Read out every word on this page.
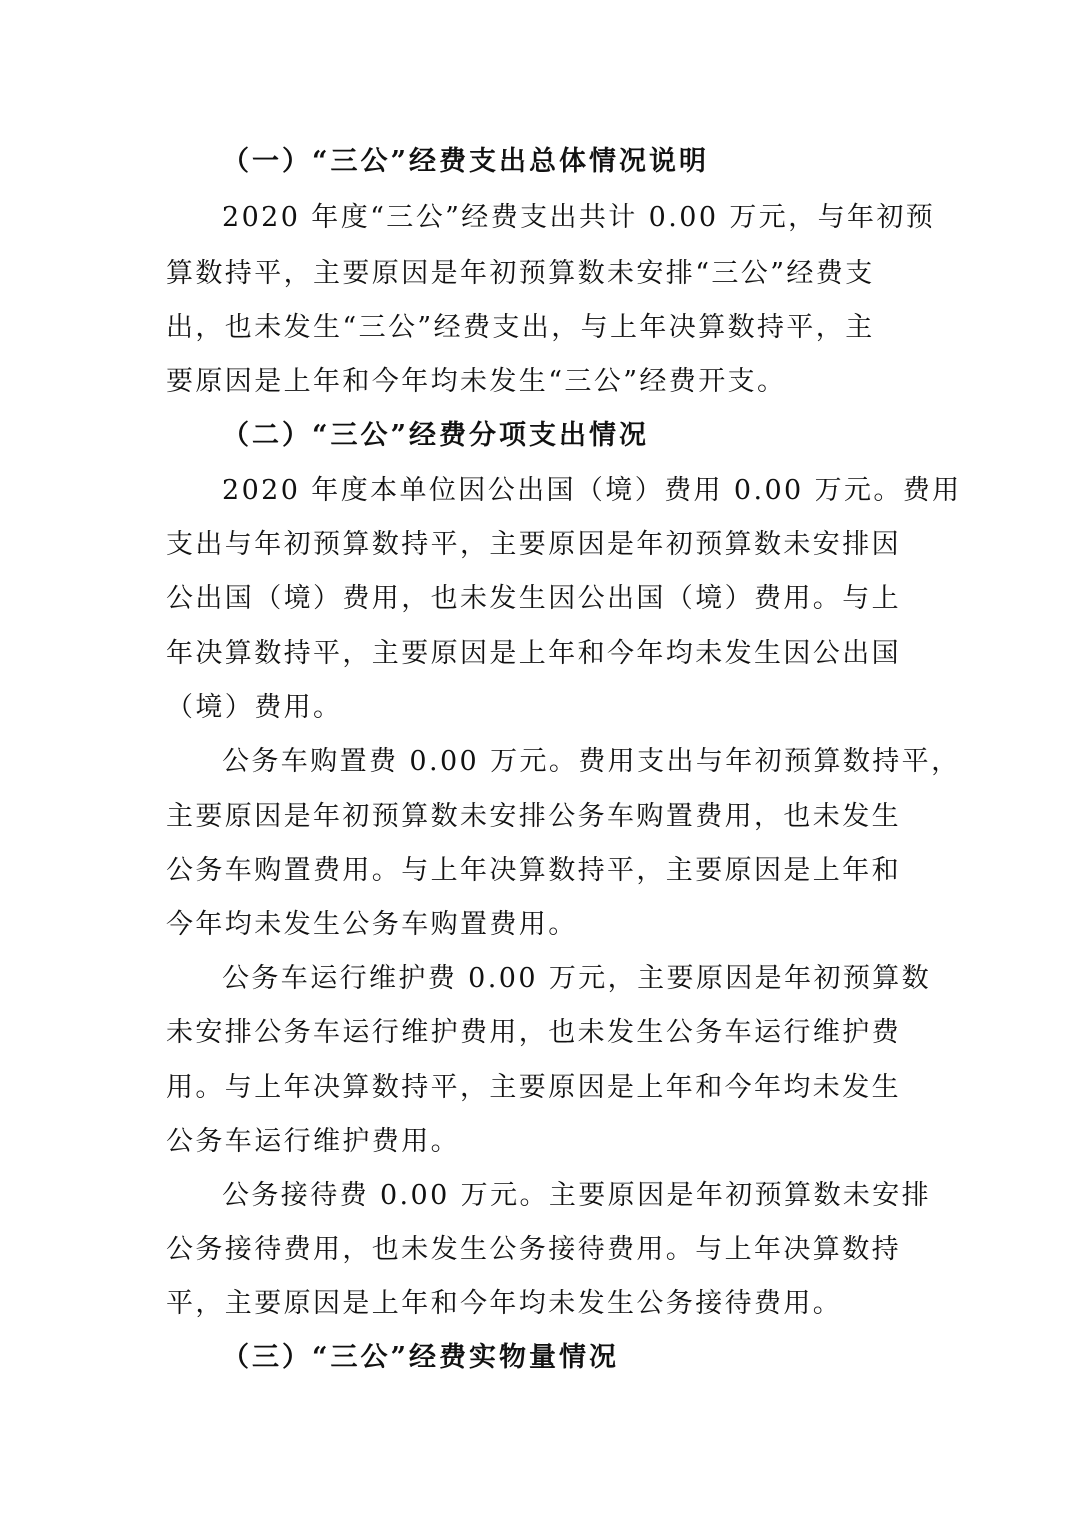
（一）“三公”经费支出总体情况说明
2020 年度“三公”经费支出共计 0.00 万元，与年初预
算数持平，主要原因是年初预算数未安排“三公”经费支
出，也未发生“三公”经费支出，与上年决算数持平，主
要原因是上年和今年均未发生“三公”经费开支。
（二）“三公”经费分项支出情况
2020 年度本单位因公出国（境）费用 0.00 万元。费用
支出与年初预算数持平，主要原因是年初预算数未安排因
公出国（境）费用，也未发生因公出国（境）费用。与上
年决算数持平，主要原因是上年和今年均未发生因公出国
（境）费用。
公务车购置费 0.00 万元。费用支出与年初预算数持平，
主要原因是年初预算数未安排公务车购置费用，也未发生
公务车购置费用。与上年决算数持平，主要原因是上年和
今年均未发生公务车购置费用。
公务车运行维护费 0.00 万元，主要原因是年初预算数
未安排公务车运行维护费用，也未发生公务车运行维护费
用。与上年决算数持平，主要原因是上年和今年均未发生
公务车运行维护费用。
公务接待费 0.00 万元。主要原因是年初预算数未安排
公务接待费用，也未发生公务接待费用。与上年决算数持
平，主要原因是上年和今年均未发生公务接待费用。
（三）“三公”经费实物量情况
